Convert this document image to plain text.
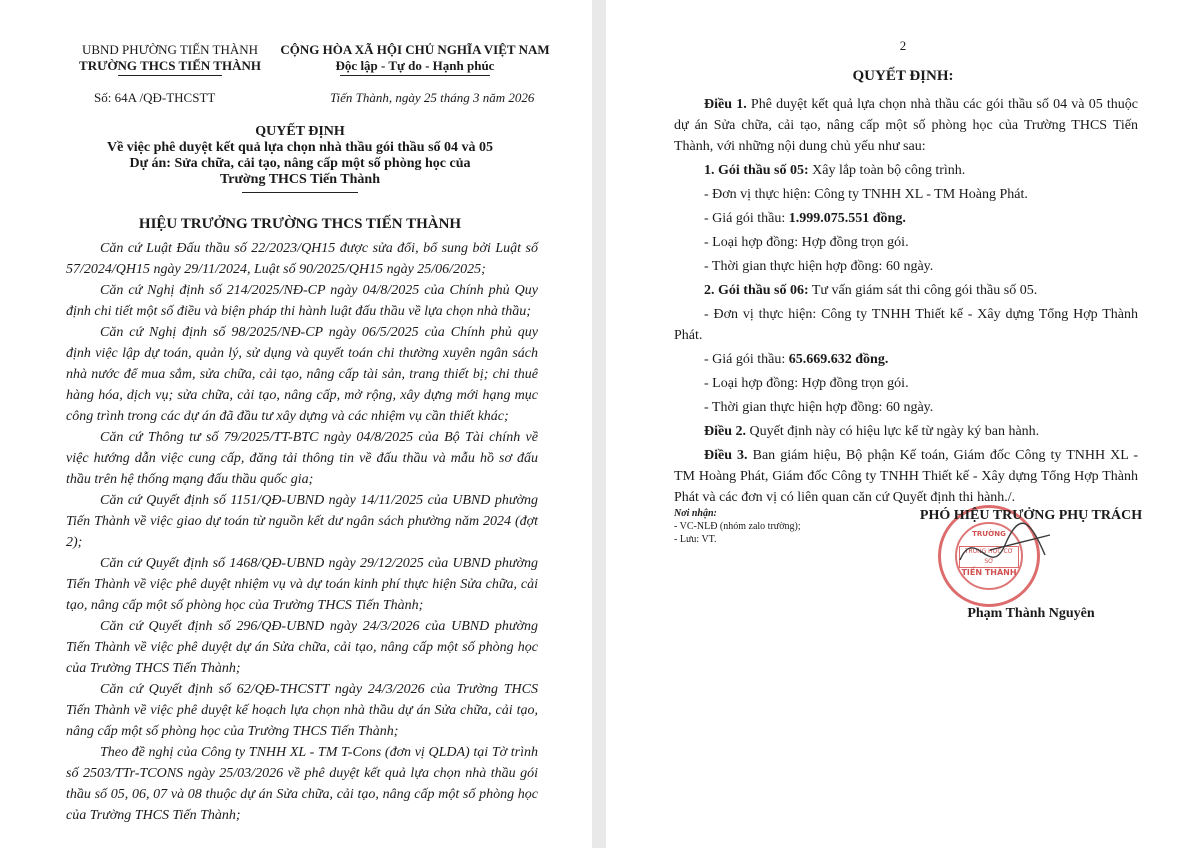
UBND PHƯỜNG TIẾN THÀNH
TRƯỜNG THCS TIẾN THÀNH
CỘNG HÒA XÃ HỘI CHỦ NGHĨA VIỆT NAM
Độc lập - Tự do - Hạnh phúc
Số: 64A /QĐ-THCSTT	Tiến Thành, ngày 25 tháng 3 năm 2026
QUYẾT ĐỊNH
Về việc phê duyệt kết quả lựa chọn nhà thầu gói thầu số 04 và 05
Dự án: Sửa chữa, cải tạo, nâng cấp một số phòng học của
Trường THCS Tiến Thành
HIỆU TRƯỞNG TRƯỜNG THCS TIẾN THÀNH

Căn cứ Luật Đấu thầu số 22/2023/QH15 được sửa đổi, bổ sung bởi Luật số 57/2024/QH15 ngày 29/11/2024, Luật số 90/2025/QH15 ngày 25/06/2025;

Căn cứ Nghị định số 214/2025/NĐ-CP ngày 04/8/2025 của Chính phủ Quy định chi tiết một số điều và biện pháp thi hành luật đấu thầu về lựa chọn nhà thầu;

Căn cứ Nghị định số 98/2025/NĐ-CP ngày 06/5/2025 của Chính phủ quy định việc lập dự toán, quản lý, sử dụng và quyết toán chi thường xuyên ngân sách nhà nước để mua sắm, sửa chữa, cải tạo, nâng cấp tài sản, trang thiết bị; chi thuê hàng hóa, dịch vụ; sửa chữa, cải tạo, nâng cấp, mở rộng, xây dựng mới hạng mục công trình trong các dự án đã đầu tư xây dựng và các nhiệm vụ cần thiết khác;

Căn cứ Thông tư số 79/2025/TT-BTC ngày 04/8/2025 của Bộ Tài chính về việc hướng dẫn việc cung cấp, đăng tải thông tin về đấu thầu và mẫu hồ sơ đấu thầu trên hệ thống mạng đấu thầu quốc gia;

Căn cứ Quyết định số 1151/QĐ-UBND ngày 14/11/2025 của UBND phường Tiến Thành về việc giao dự toán từ nguồn kết dư ngân sách phường năm 2024 (đợt 2);

Căn cứ Quyết định số 1468/QĐ-UBND ngày 29/12/2025 của UBND phường Tiến Thành về việc phê duyệt nhiệm vụ và dự toán kinh phí thực hiện Sửa chữa, cải tạo, nâng cấp một số phòng học của Trường THCS Tiến Thành;

Căn cứ Quyết định số 296/QĐ-UBND ngày 24/3/2026 của UBND phường Tiến Thành về việc phê duyệt dự án Sửa chữa, cải tạo, nâng cấp một số phòng học của Trường THCS Tiến Thành;

Căn cứ Quyết định số 62/QĐ-THCSTT ngày 24/3/2026 của Trường THCS Tiến Thành về việc phê duyệt kế hoạch lựa chọn nhà thầu dự án Sửa chữa, cải tạo, nâng cấp một số phòng học của Trường THCS Tiến Thành;

Theo đề nghị của Công ty TNHH XL - TM T-Cons (đơn vị QLDA) tại Tờ trình số 2503/TTr-TCONS ngày 25/03/2026 về phê duyệt kết quả lựa chọn nhà thầu gói thầu số 05, 06, 07 và 08 thuộc dự án Sửa chữa, cải tạo, nâng cấp một số phòng học của Trường THCS Tiến Thành;

2
QUYẾT ĐỊNH:

Điều 1. Phê duyệt kết quả lựa chọn nhà thầu các gói thầu số 04 và 05 thuộc dự án Sửa chữa, cải tạo, nâng cấp một số phòng học của Trường THCS Tiến Thành, với những nội dung chủ yếu như sau:

1. Gói thầu số 05: Xây lắp toàn bộ công trình.

- Đơn vị thực hiện: Công ty TNHH XL - TM Hoàng Phát.

- Giá gói thầu: 1.999.075.551 đồng.

- Loại hợp đồng: Hợp đồng trọn gói.

- Thời gian thực hiện hợp đồng: 60 ngày.

2. Gói thầu số 06: Tư vấn giám sát thi công gói thầu số 05.

- Đơn vị thực hiện: Công ty TNHH Thiết kế - Xây dựng Tổng Hợp Thành Phát.

- Giá gói thầu: 65.669.632 đồng.

- Loại hợp đồng: Hợp đồng trọn gói.

- Thời gian thực hiện hợp đồng: 60 ngày.

Điều 2. Quyết định này có hiệu lực kể từ ngày ký ban hành.

Điều 3. Ban giám hiệu, Bộ phận Kế toán, Giám đốc Công ty TNHH XL - TM Hoàng Phát, Giám đốc Công ty TNHH Thiết kế - Xây dựng Tổng Hợp Thành Phát và các đơn vị có liên quan căn cứ Quyết định thi hành./.

Nơi nhận:
- VC-NLĐ (nhóm zalo trường);
- Lưu: VT.	TRƯỜNG
TRUNG HỌC CƠ SỞ
TIẾN THÀNH
PHÓ HIỆU TRƯỞNG PHỤ TRÁCH
Phạm Thành Nguyên
